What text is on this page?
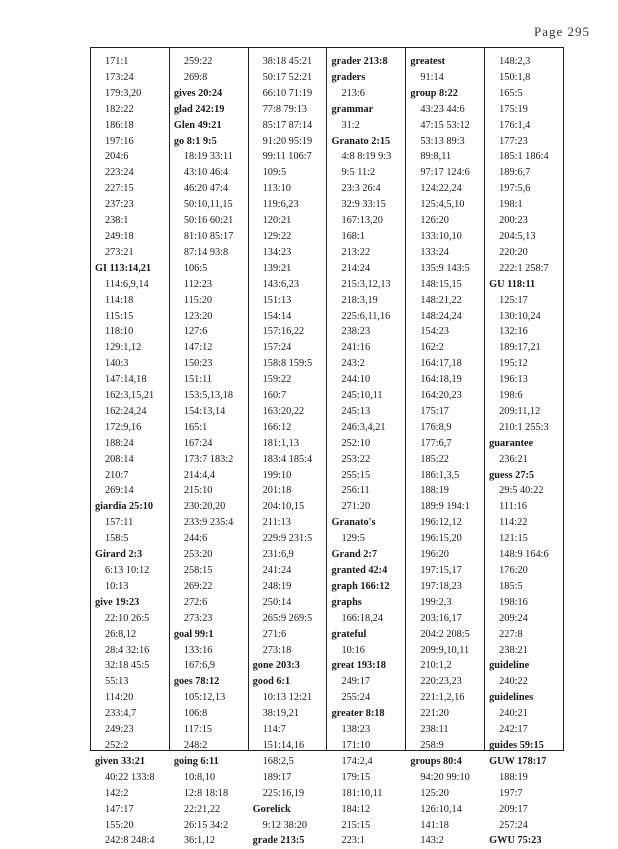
Page 295
171:1
173:24
179:3,20
182:22
186:18
197:16
204:6
223:24
227:15
237:23
238:1
249:18
273:21
GI 113:14,21
114:6,9,14
114:18
115:15
118:10
129:1,12
140:3
147:14,18
162:3,15,21
162:24,24
172:9,16
188:24
208:14
210:7
269:14
giardia 25:10
157:11
158:5
Girard 2:3
6:13 10:12
10:13
give 19:23
22:10 26:5
26:8,12
28:4 32:16
32:18 45:5
55:13
114:20
233:4,7
249:23
252:2
given 33:21
40:22 133:8
142:2
147:17
155:20
242:8 248:4
259:22
269:8
gives 20:24
glad 242:19
Glen 49:21
go 8:1 9:5
18:19 33:11
43:10 46:4
46:20 47:4
50:10,11,15
50:16 60:21
81:10 85:17
87:14 93:8
106:5
112:23
115:20
123:20
127:6
147:12
150:23
151:11
153:5,13,18
154:13,14
165:1
167:24
173:7 183:2
214:4,4
215:10
230:20,20
233:9 235:4
244:6
253:20
258:15
269:22
272:6
273:23
goal 99:1
133:16
167:6,9
goes 78:12
105:12,13
106:8
117:15
248:2
going 6:11
10:8,10
12:8 18:18
22:21,22
26:15 34:2
36:1,12
38:18 45:21
50:17 52:21
66:10 71:19
77:8 79:13
85:17 87:14
91:20 95:19
99:11 106:7
109:5
113:10
119:6,23
120:21
129:22
134:23
139:21
143:6,23
151:13
154:14
157:16,22
157:24
158:8 159:5
159:22
160:7
163:20,22
166:12
181:1,13
183:4 185:4
199:10
201:18
204:10,15
211:13
229:9 231:5
231:6,9
241:24
248:19
250:14
265:9 269:5
271:6
273:18
gone 203:3
good 6:1
10:13 12:21
38:19,21
114:7
151:14,16
168:2,5
189:17
225:16,19
Gorelick
9:12 38:20
grade 213:5
grader 213:8
graders
213:6
grammar
31:2
Granato 2:15
4:8 8:19 9:3
9:5 11:2
23:3 26:4
32:9 33:15
167:13,20
168:1
213:22
214:24
215:3,12,13
218:3,19
225:6,11,16
238:23
241:16
243:2
244:10
245:10,11
245:13
246:3,4,21
252:10
253:22
255:15
256:11
271:20
Granato's
129:5
Grand 2:7
granted 42:4
graph 166:12
graphs
166:18,24
grateful
10:16
great 193:18
249:17
255:24
greater 8:18
138:23
171:10
174:2,4
179:15
181:10,11
184:12
215:15
223:1
greatest
91:14
group 8:22
43:23 44:6
47:15 53:12
53:13 89:3
89:8,11
97:17 124:6
124:22,24
125:4,5,10
126:20
133:10,10
133:24
135:9 143:5
148:15,15
148:21,22
148:24,24
154:23
162:2
164:17,18
164:18,19
164:20,23
175:17
176:8,9
177:6,7
185:22
186:1,3,5
188:19
189:9 194:1
196:12,12
196:15,20
196:20
197:15,17
197:18,23
199:2,3
203:16,17
204:2 208:5
209:9,10,11
210:1,2
220:23,23
221:1,2,16
221:20
238:11
258:9
groups 80:4
94:20 99:10
125:20
126:10,14
141:18
143:2
148:2,3
150:1,8
165:5
175:19
176:1,4
177:23
185:1 186:4
189:6,7
197:5,6
198:1
200:23
204:5,13
220:20
222:1 258:7
GU 118:11
125:17
130:10,24
132:16
189:17,21
195:12
196:13
198:6
209:11,12
210:1 255:3
guarantee
236:21
guess 27:5
29:5 40:22
111:16
114:22
121:15
148:9 164:6
176:20
185:5
198:16
209:24
227:8
238:21
guideline
240:22
guidelines
240:21
242:17
guides 59:15
GUW 178:17
188:19
197:7
209:17
257:24
GWU 75:23
